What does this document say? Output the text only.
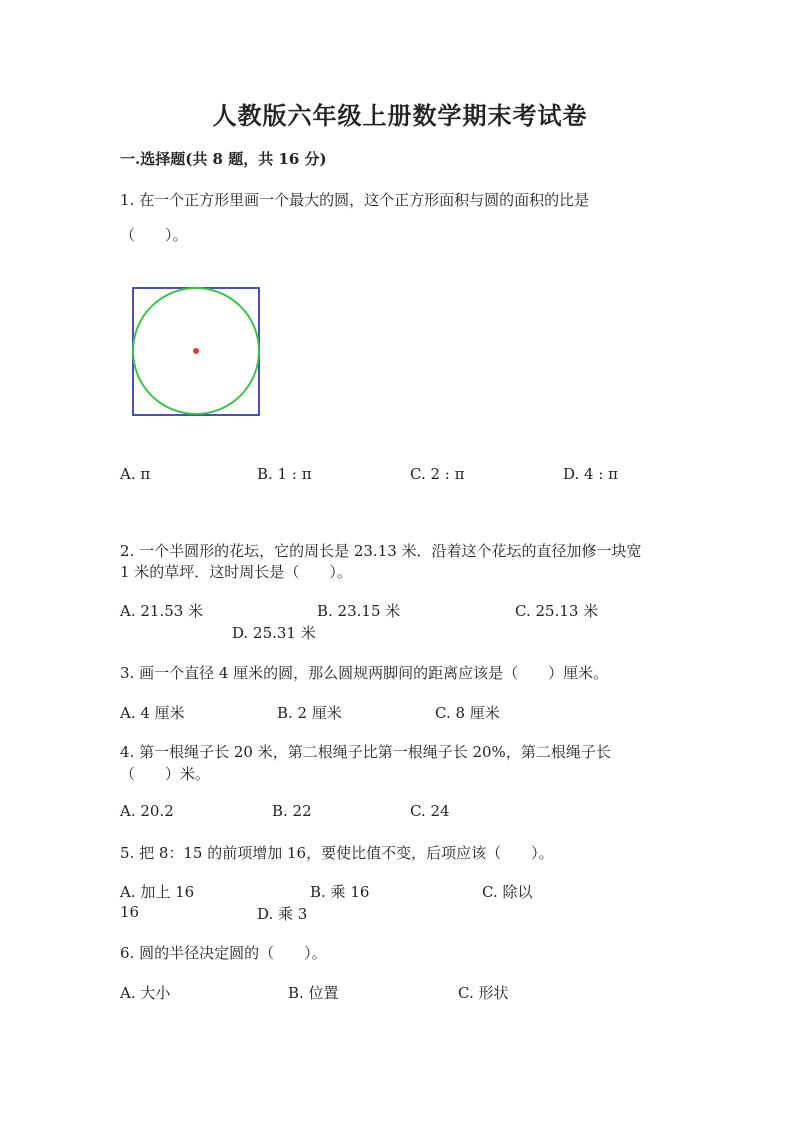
人教版六年级上册数学期末考试卷
一.选择题(共 8 题，共 16 分)
1. 在一个正方形里画一个最大的圆，这个正方形面积与圆的面积的比是
（　　）。
A. π	B. 1 : π	C. 2 : π	D. 4 : π
2. 一个半圆形的花坛，它的周长是 23.13 米．沿着这个花坛的直径加修一块宽
1 米的草坪．这时周长是（　　）。
A. 21.53 米	B. 23.15 米	C. 25.13 米
D. 25.31 米
3. 画一个直径 4 厘米的圆，那么圆规两脚间的距离应该是（　　）厘米。
A. 4 厘米	B. 2 厘米	C. 8 厘米
4. 第一根绳子长 20 米，第二根绳子比第一根绳子长 20%，第二根绳子长
（　　）米。
A. 20.2	B. 22	C. 24
5. 把 8：15 的前项增加 16，要使比值不变，后项应该（　　）。
A. 加上 16	B. 乘 16	C. 除以
16	D. 乘 3
6. 圆的半径决定圆的（　　）。
A. 大小	B. 位置	C. 形状
